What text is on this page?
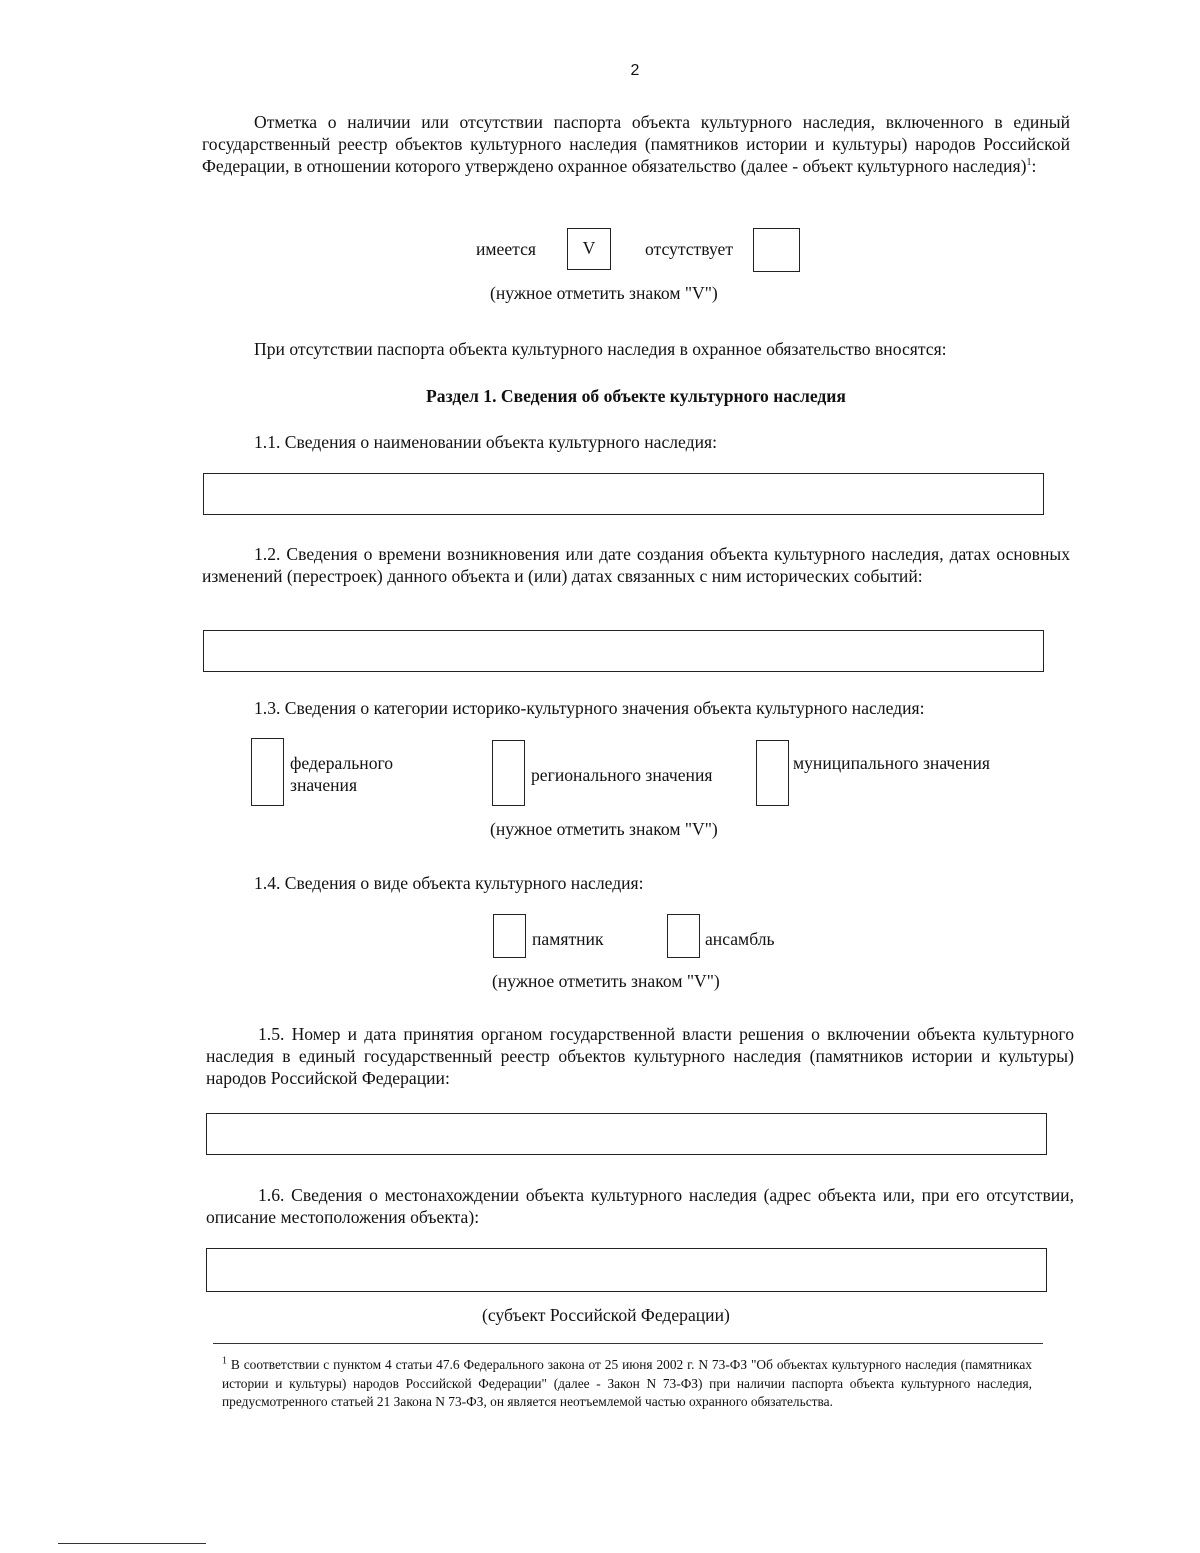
2
Отметка о наличии или отсутствии паспорта объекта культурного наследия, включенного в единый государственный реестр объектов культурного наследия (памятников истории и культуры) народов Российской Федерации, в отношении которого утверждено охранное обязательство (далее - объект культурного наследия)$^1$:
имеется	V	отсутствует
(нужное отметить знаком "V")
При отсутствии паспорта объекта культурного наследия в охранное обязательство вносятся:
Раздел 1. Сведения об объекте культурного наследия
1.1. Сведения о наименовании объекта культурного наследия:
1.2. Сведения о времени возникновения или дате создания объекта культурного наследия, датах основных изменений (перестроек) данного объекта и (или) датах связанных с ним исторических событий:
1.3. Сведения о категории историко-культурного значения объекта культурного наследия:
федерального значения	регионального значения
муниципального значения
(нужное отметить знаком "V")
1.4. Сведения о виде объекта культурного наследия:
памятник	ансамбль
(нужное отметить знаком "V")
1.5. Номер и дата принятия органом государственной власти решения о включении объекта культурного наследия в единый государственный реестр объектов культурного наследия (памятников истории и культуры) народов Российской Федерации:
1.6. Сведения о местонахождении объекта культурного наследия (адрес объекта или, при его отсутствии, описание местоположения объекта):
(субъект Российской Федерации)
$^1$ В соответствии с пунктом 4 статьи 47.6 Федерального закона от 25 июня 2002 г. N 73-ФЗ "Об объектах культурного наследия (памятниках истории и культуры) народов Российской Федерации" (далее - Закон N 73-ФЗ) при наличии паспорта объекта культурного наследия, предусмотренного статьей 21 Закона N 73-ФЗ, он является неотъемлемой частью охранного обязательства.
